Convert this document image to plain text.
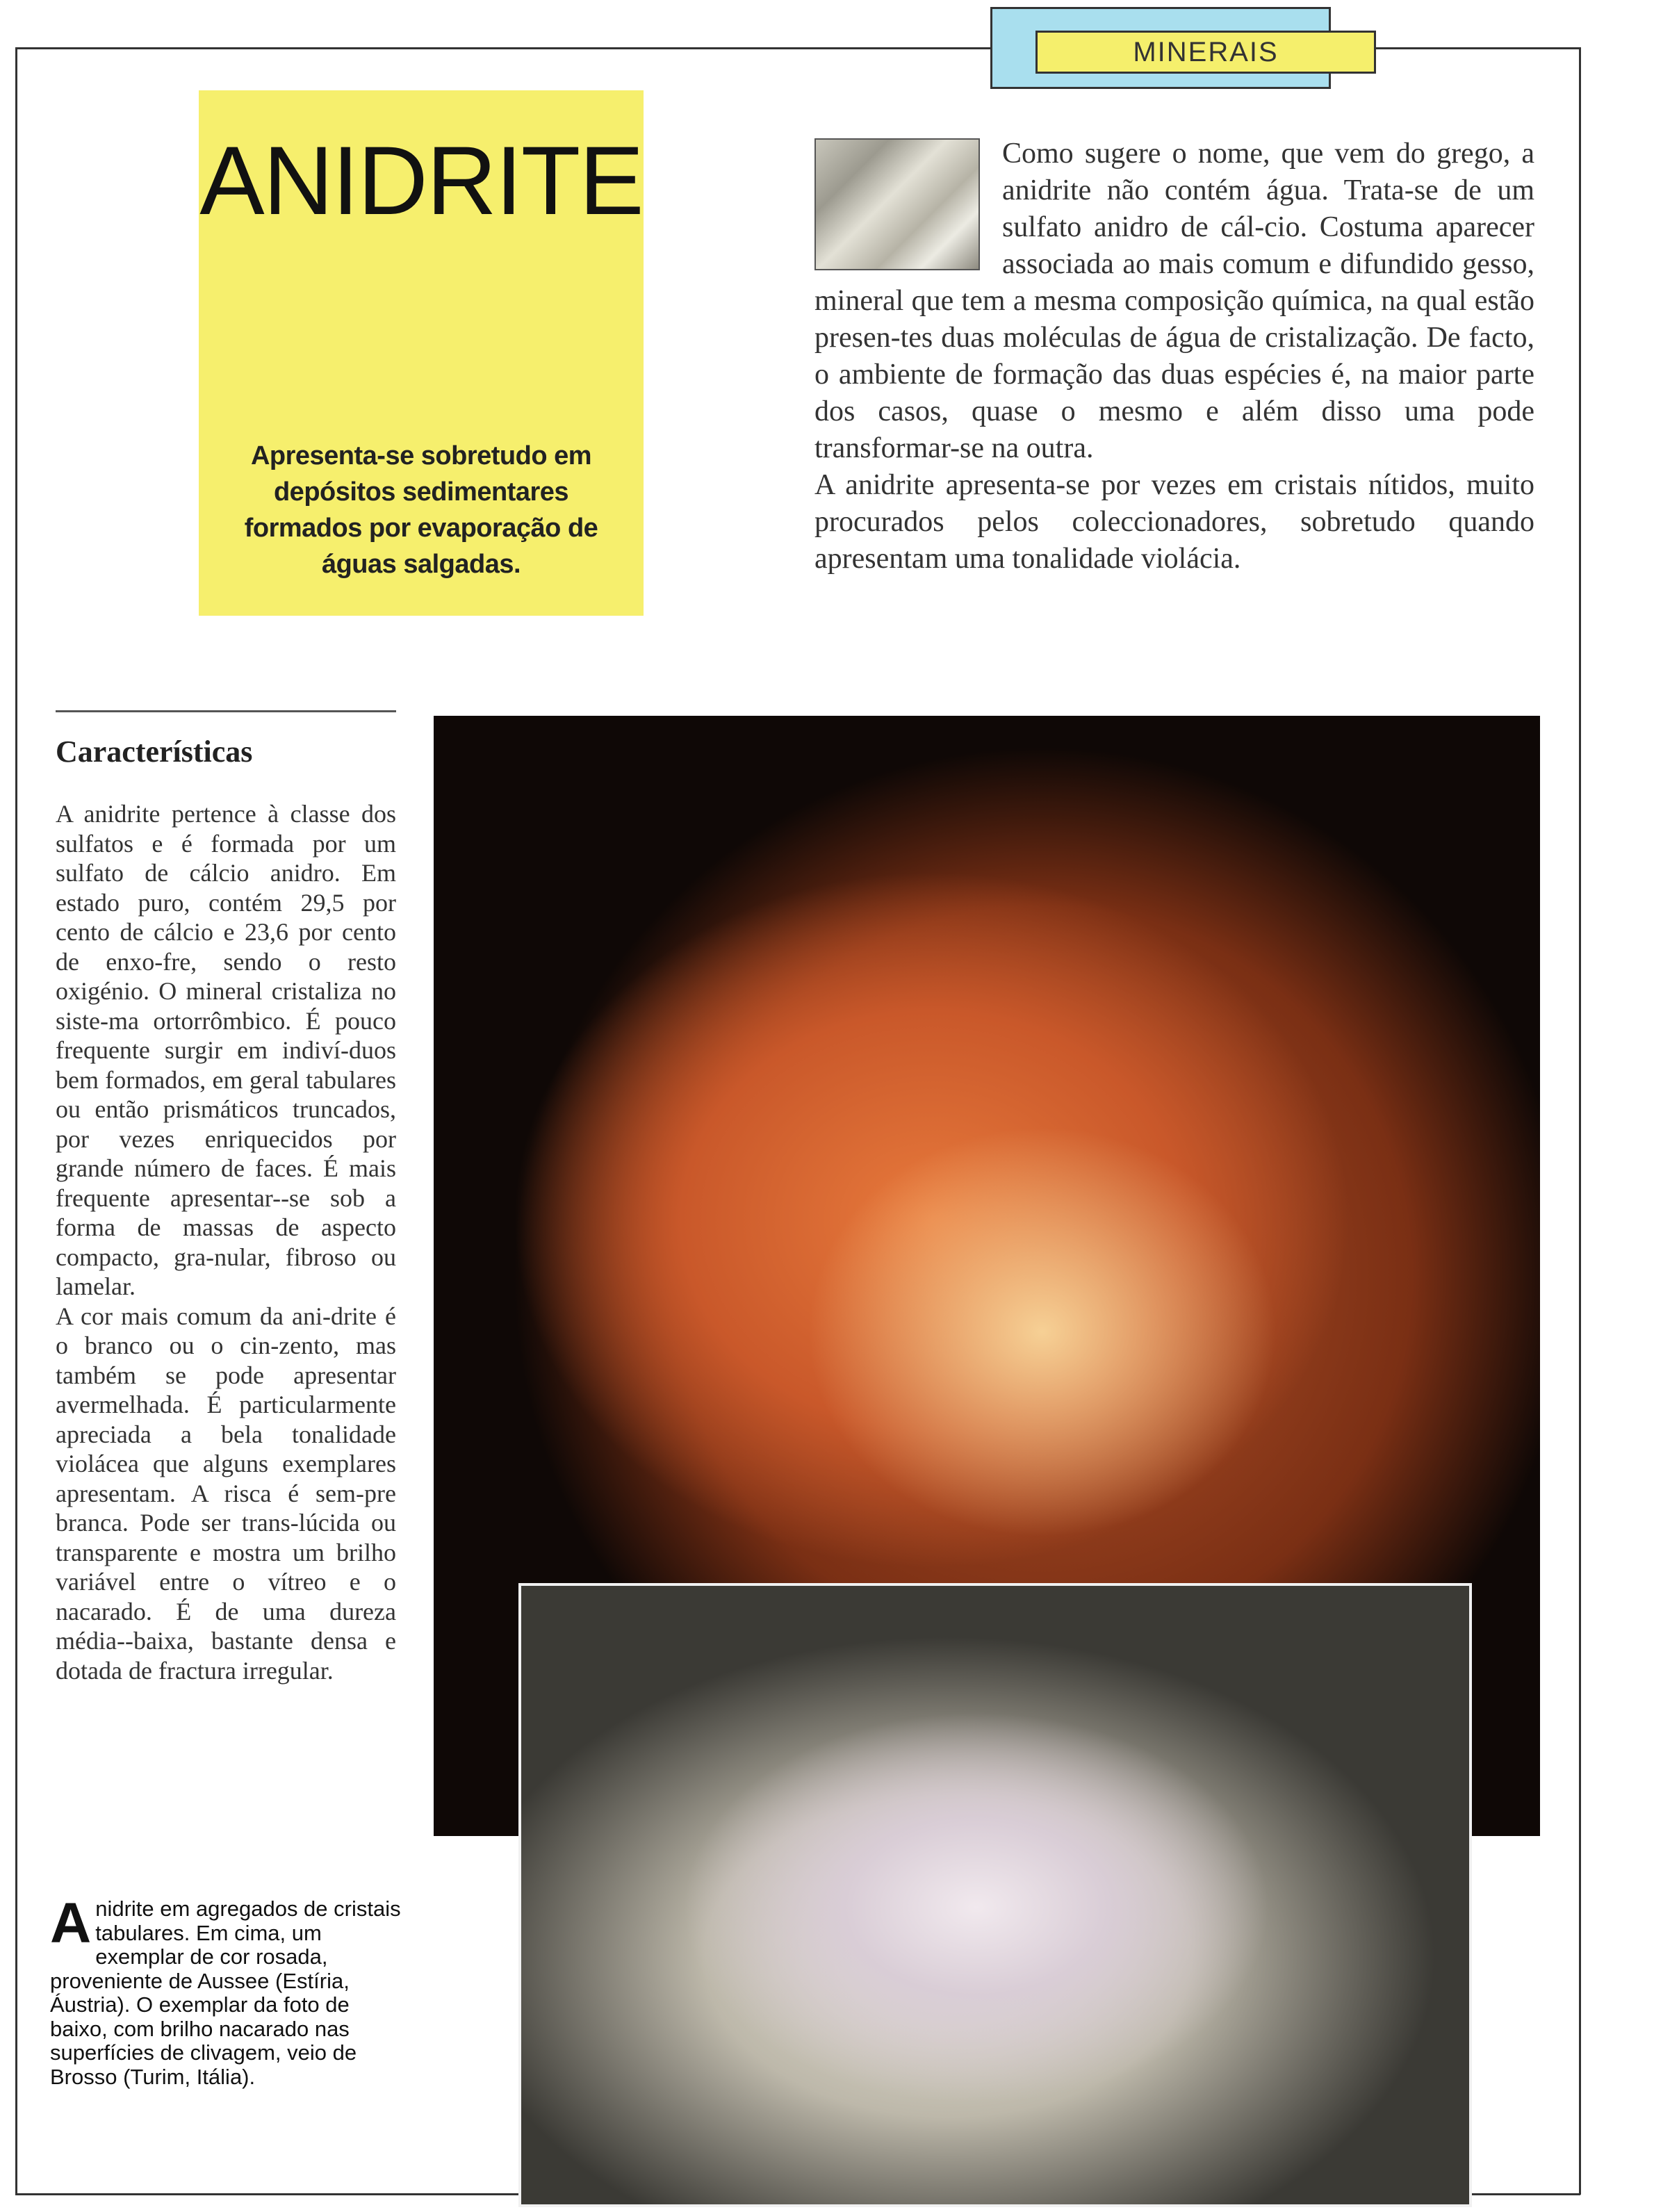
MINERAIS
ANIDRITE
Apresenta-se sobretudo em depósitos sedimentares formados por evaporação de águas salgadas.
Como sugere o nome, que vem do grego, a anidrite não contém água. Trata-se de um sulfato anidro de cál-cio. Costuma aparecer associada ao mais comum e difundido gesso, mineral que tem a mesma composição química, na qual estão presen-tes duas moléculas de água de cristalização. De facto, o ambiente de formação das duas espécies é, na maior parte dos casos, quase o mesmo e além disso uma pode transformar-se na outra.
A anidrite apresenta-se por vezes em cristais nítidos, muito procurados pelos coleccionadores, sobretudo quando apresentam uma tonalidade violácia.
Características
A anidrite pertence à classe dos sulfatos e é formada por um sulfato de cálcio anidro. Em estado puro, contém 29,5 por cento de cálcio e 23,6 por cento de enxo-fre, sendo o resto oxigénio. O mineral cristaliza no siste-ma ortorrômbico. É pouco frequente surgir em indiví-duos bem formados, em geral tabulares ou então prismáticos truncados, por vezes enriquecidos por grande número de faces. É mais frequente apresentar--se sob a forma de massas de aspecto compacto, gra-nular, fibroso ou lamelar.
A cor mais comum da ani-drite é o branco ou o cin-zento, mas também se pode apresentar avermelhada. É particularmente apreciada a bela tonalidade violácea que alguns exemplares apresentam. A risca é sem-pre branca. Pode ser trans-lúcida ou transparente e mostra um brilho variável entre o vítreo e o nacarado. É de uma dureza média--baixa, bastante densa e dotada de fractura irregular.
A nidrite em agregados de cristais tabulares. Em cima, um exemplar de cor rosada, proveniente de Aussee (Estíria, Áustria). O exemplar da foto de baixo, com brilho nacarado nas superfícies de clivagem, veio de Brosso (Turim, Itália).
